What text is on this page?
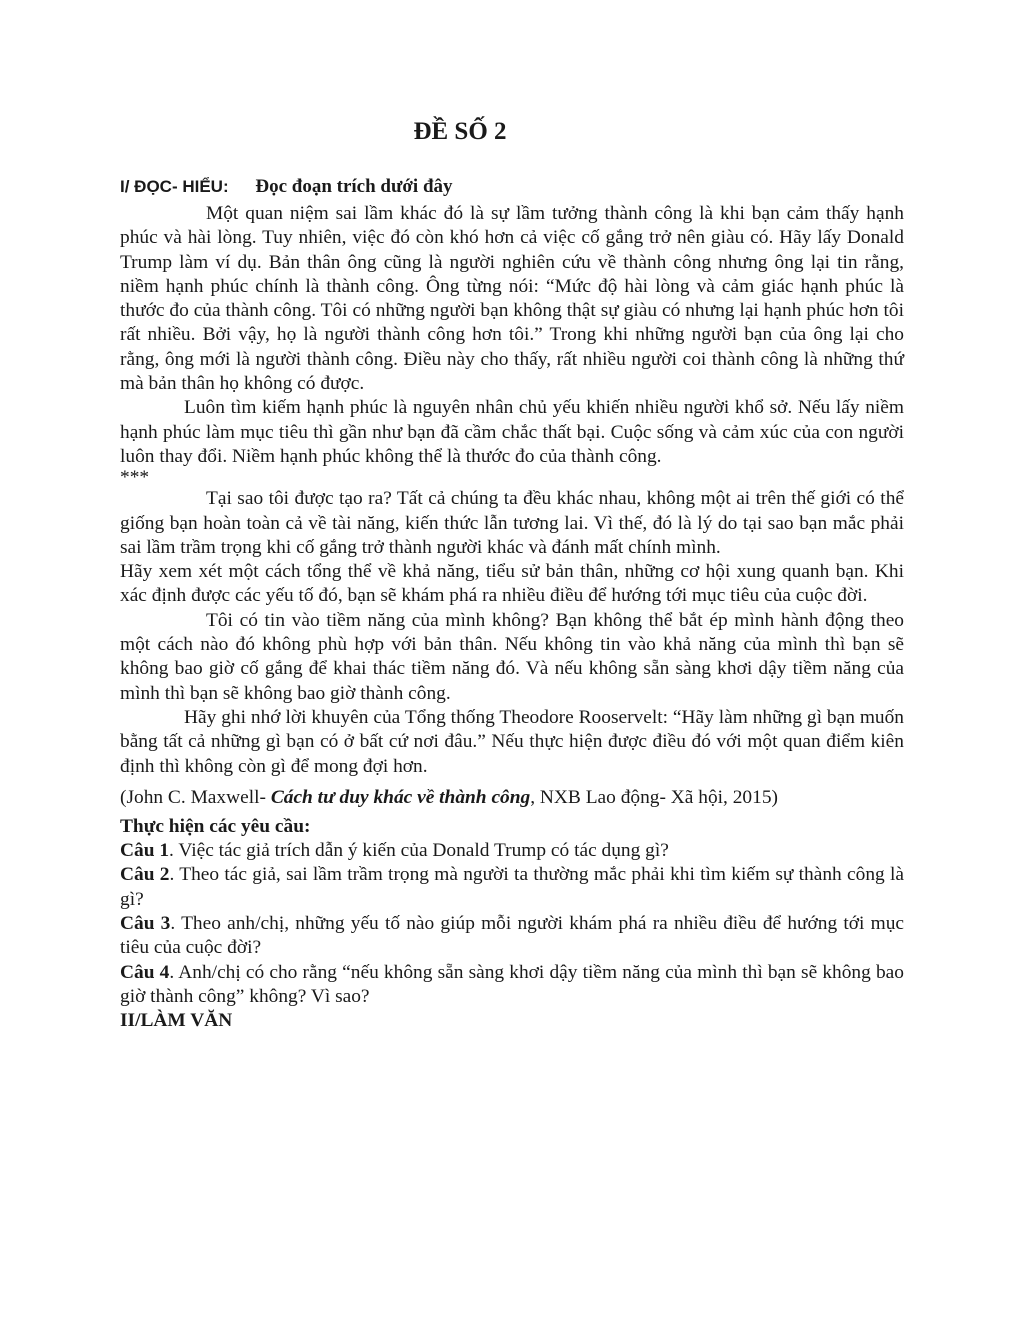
ĐỀ SỐ 2
I/ ĐỌC- HIỂU: Đọc đoạn trích dưới đây

Một quan niệm sai lầm khác đó là sự lầm tưởng thành công là khi bạn cảm thấy hạnh phúc và hài lòng. Tuy nhiên, việc đó còn khó hơn cả việc cố gắng trở nên giàu có. Hãy lấy Donald Trump làm ví dụ. Bản thân ông cũng là người nghiên cứu về thành công nhưng ông lại tin rằng, niềm hạnh phúc chính là thành công. Ông từng nói: “Mức độ hài lòng và cảm giác hạnh phúc là thước đo của thành công. Tôi có những người bạn không thật sự giàu có nhưng lại hạnh phúc hơn tôi rất nhiều. Bởi vậy, họ là người thành công hơn tôi.” Trong khi những người bạn của ông lại cho rằng, ông mới là người thành công. Điều này cho thấy, rất nhiều người coi thành công là những thứ mà bản thân họ không có được.

Luôn tìm kiếm hạnh phúc là nguyên nhân chủ yếu khiến nhiều người khổ sở. Nếu lấy niềm hạnh phúc làm mục tiêu thì gần như bạn đã cầm chắc thất bại. Cuộc sống và cảm xúc của con người luôn thay đổi. Niềm hạnh phúc không thể là thước đo của thành công.

***

Tại sao tôi được tạo ra? Tất cả chúng ta đều khác nhau, không một ai trên thế giới có thể giống bạn hoàn toàn cả về tài năng, kiến thức lẫn tương lai. Vì thế, đó là lý do tại sao bạn mắc phải sai lầm trầm trọng khi cố gắng trở thành người khác và đánh mất chính mình.

Hãy xem xét một cách tổng thể về khả năng, tiểu sử bản thân, những cơ hội xung quanh bạn. Khi xác định được các yếu tố đó, bạn sẽ khám phá ra nhiều điều để hướng tới mục tiêu của cuộc đời.

Tôi có tin vào tiềm năng của mình không? Bạn không thể bắt ép mình hành động theo một cách nào đó không phù hợp với bản thân. Nếu không tin vào khả năng của mình thì bạn sẽ không bao giờ cố gắng để khai thác tiềm năng đó. Và nếu không sẵn sàng khơi dậy tiềm năng của mình thì bạn sẽ không bao giờ thành công.

Hãy ghi nhớ lời khuyên của Tổng thống Theodore Rooservelt: “Hãy làm những gì bạn muốn bằng tất cả những gì bạn có ở bất cứ nơi đâu.” Nếu thực hiện được điều đó với một quan điểm kiên định thì không còn gì để mong đợi hơn.

(John C. Maxwell- Cách tư duy khác về thành công, NXB Lao động- Xã hội, 2015)

Thực hiện các yêu cầu:

Câu 1. Việc tác giả trích dẫn ý kiến của Donald Trump có tác dụng gì?

Câu 2. Theo tác giả, sai lầm trầm trọng mà người ta thường mắc phải khi tìm kiếm sự thành công là gì?

Câu 3. Theo anh/chị, những yếu tố nào giúp mỗi người khám phá ra nhiều điều để hướng tới mục tiêu của cuộc đời?

Câu 4. Anh/chị có cho rằng “nếu không sẵn sàng khơi dậy tiềm năng của mình thì bạn sẽ không bao giờ thành công” không? Vì sao?

II/LÀM VĂN
